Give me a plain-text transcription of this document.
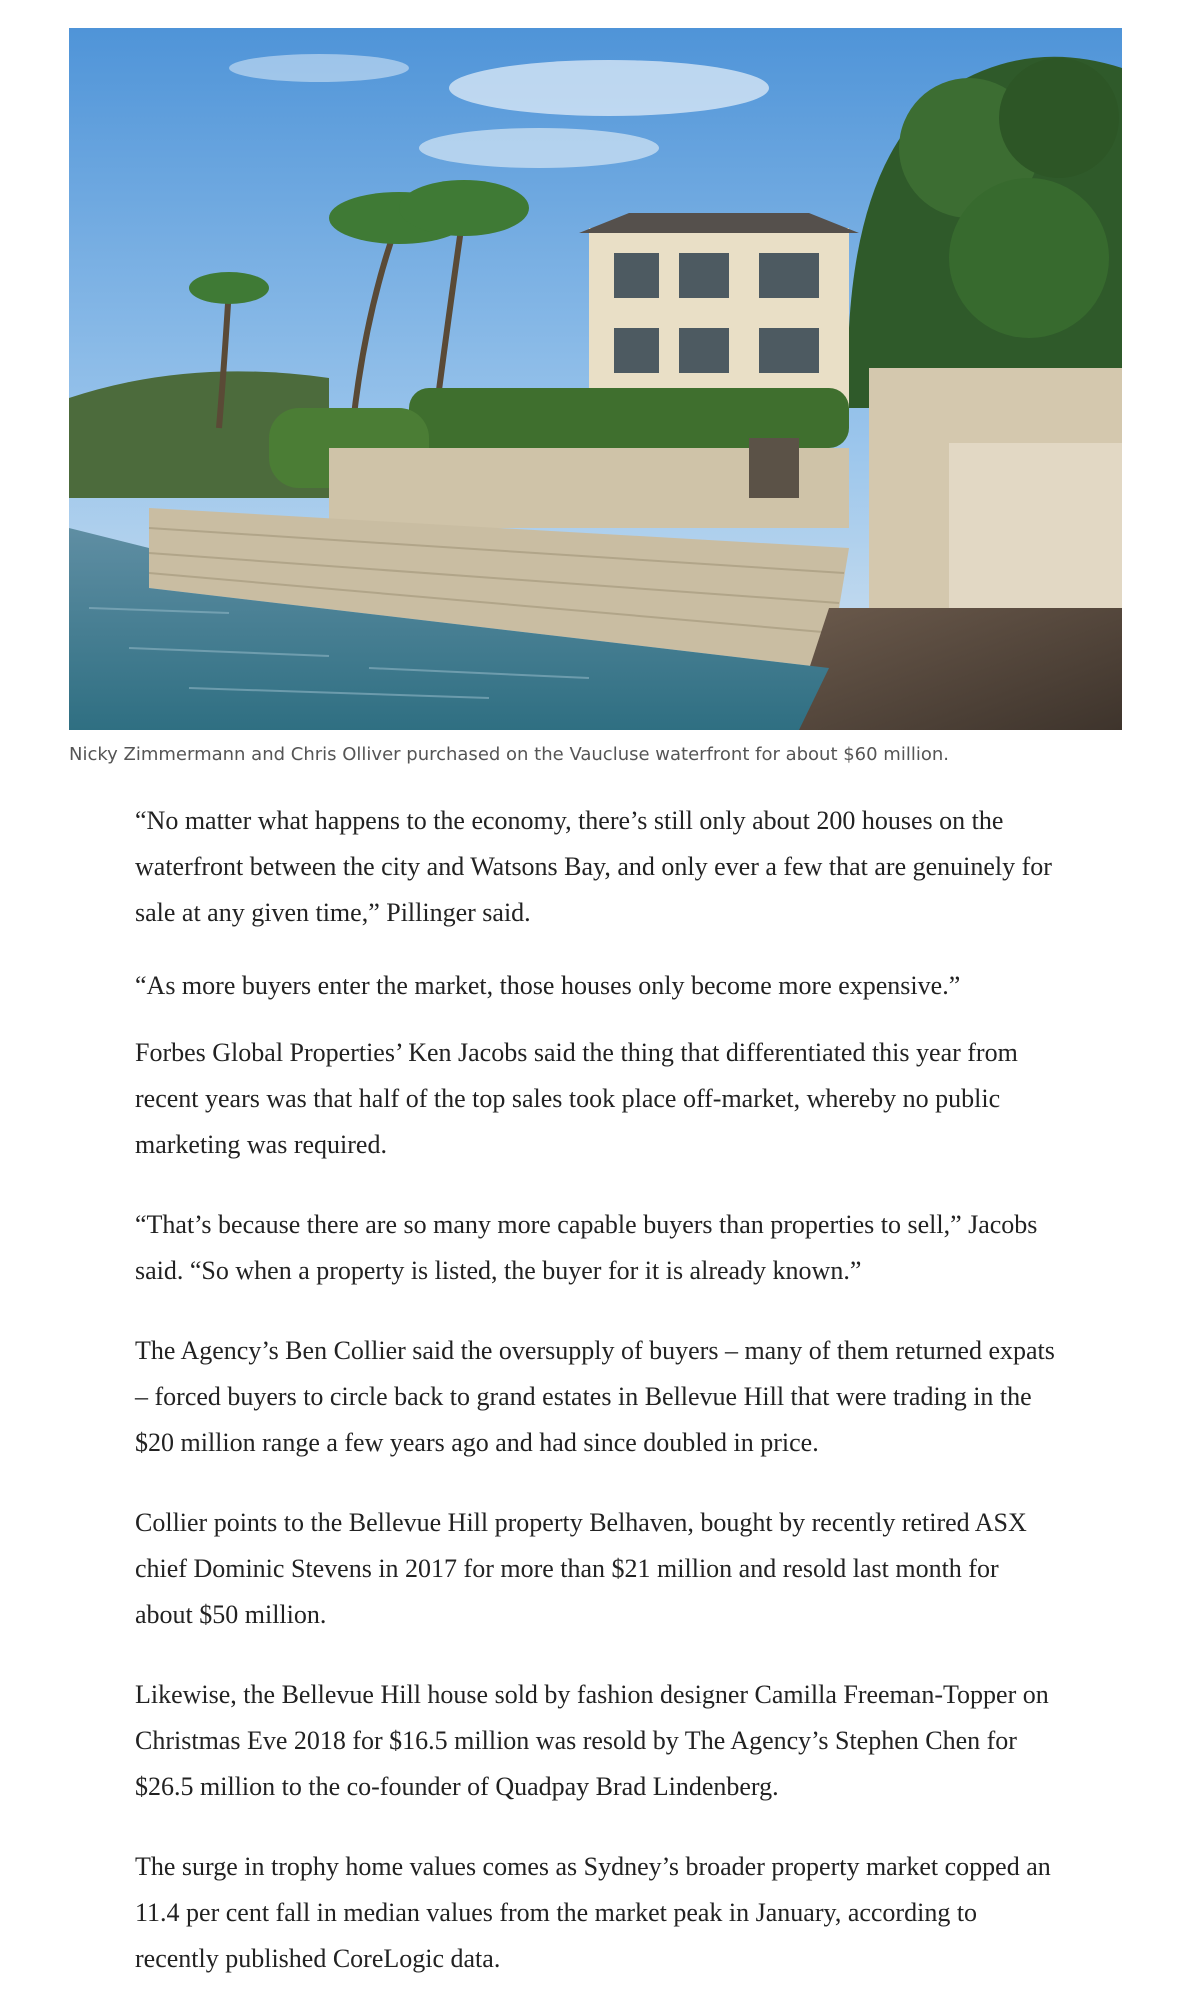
Nicky Zimmermann and Chris Olliver purchased on the Vaucluse waterfront for about $60 million.

“No matter what happens to the economy, there’s still only about 200 houses on the waterfront between the city and Watsons Bay, and only ever a few that are genuinely for sale at any given time,” Pillinger said.

“As more buyers enter the market, those houses only become more expensive.”

Forbes Global Properties’ Ken Jacobs said the thing that differentiated this year from recent years was that half of the top sales took place off-market, whereby no public marketing was required.

“That’s because there are so many more capable buyers than properties to sell,” Jacobs said. “So when a property is listed, the buyer for it is already known.”

The Agency’s Ben Collier said the oversupply of buyers – many of them returned expats – forced buyers to circle back to grand estates in Bellevue Hill that were trading in the $20 million range a few years ago and had since doubled in price.

Collier points to the Bellevue Hill property Belhaven, bought by recently retired ASX chief Dominic Stevens in 2017 for more than $21 million and resold last month for about $50 million.

Likewise, the Bellevue Hill house sold by fashion designer Camilla Freeman-Topper on Christmas Eve 2018 for $16.5 million was resold by The Agency’s Stephen Chen for $26.5 million to the co-founder of Quadpay Brad Lindenberg.

The surge in trophy home values comes as Sydney’s broader property market copped an 11.4 per cent fall in median values from the market peak in January, according to recently published CoreLogic data.
